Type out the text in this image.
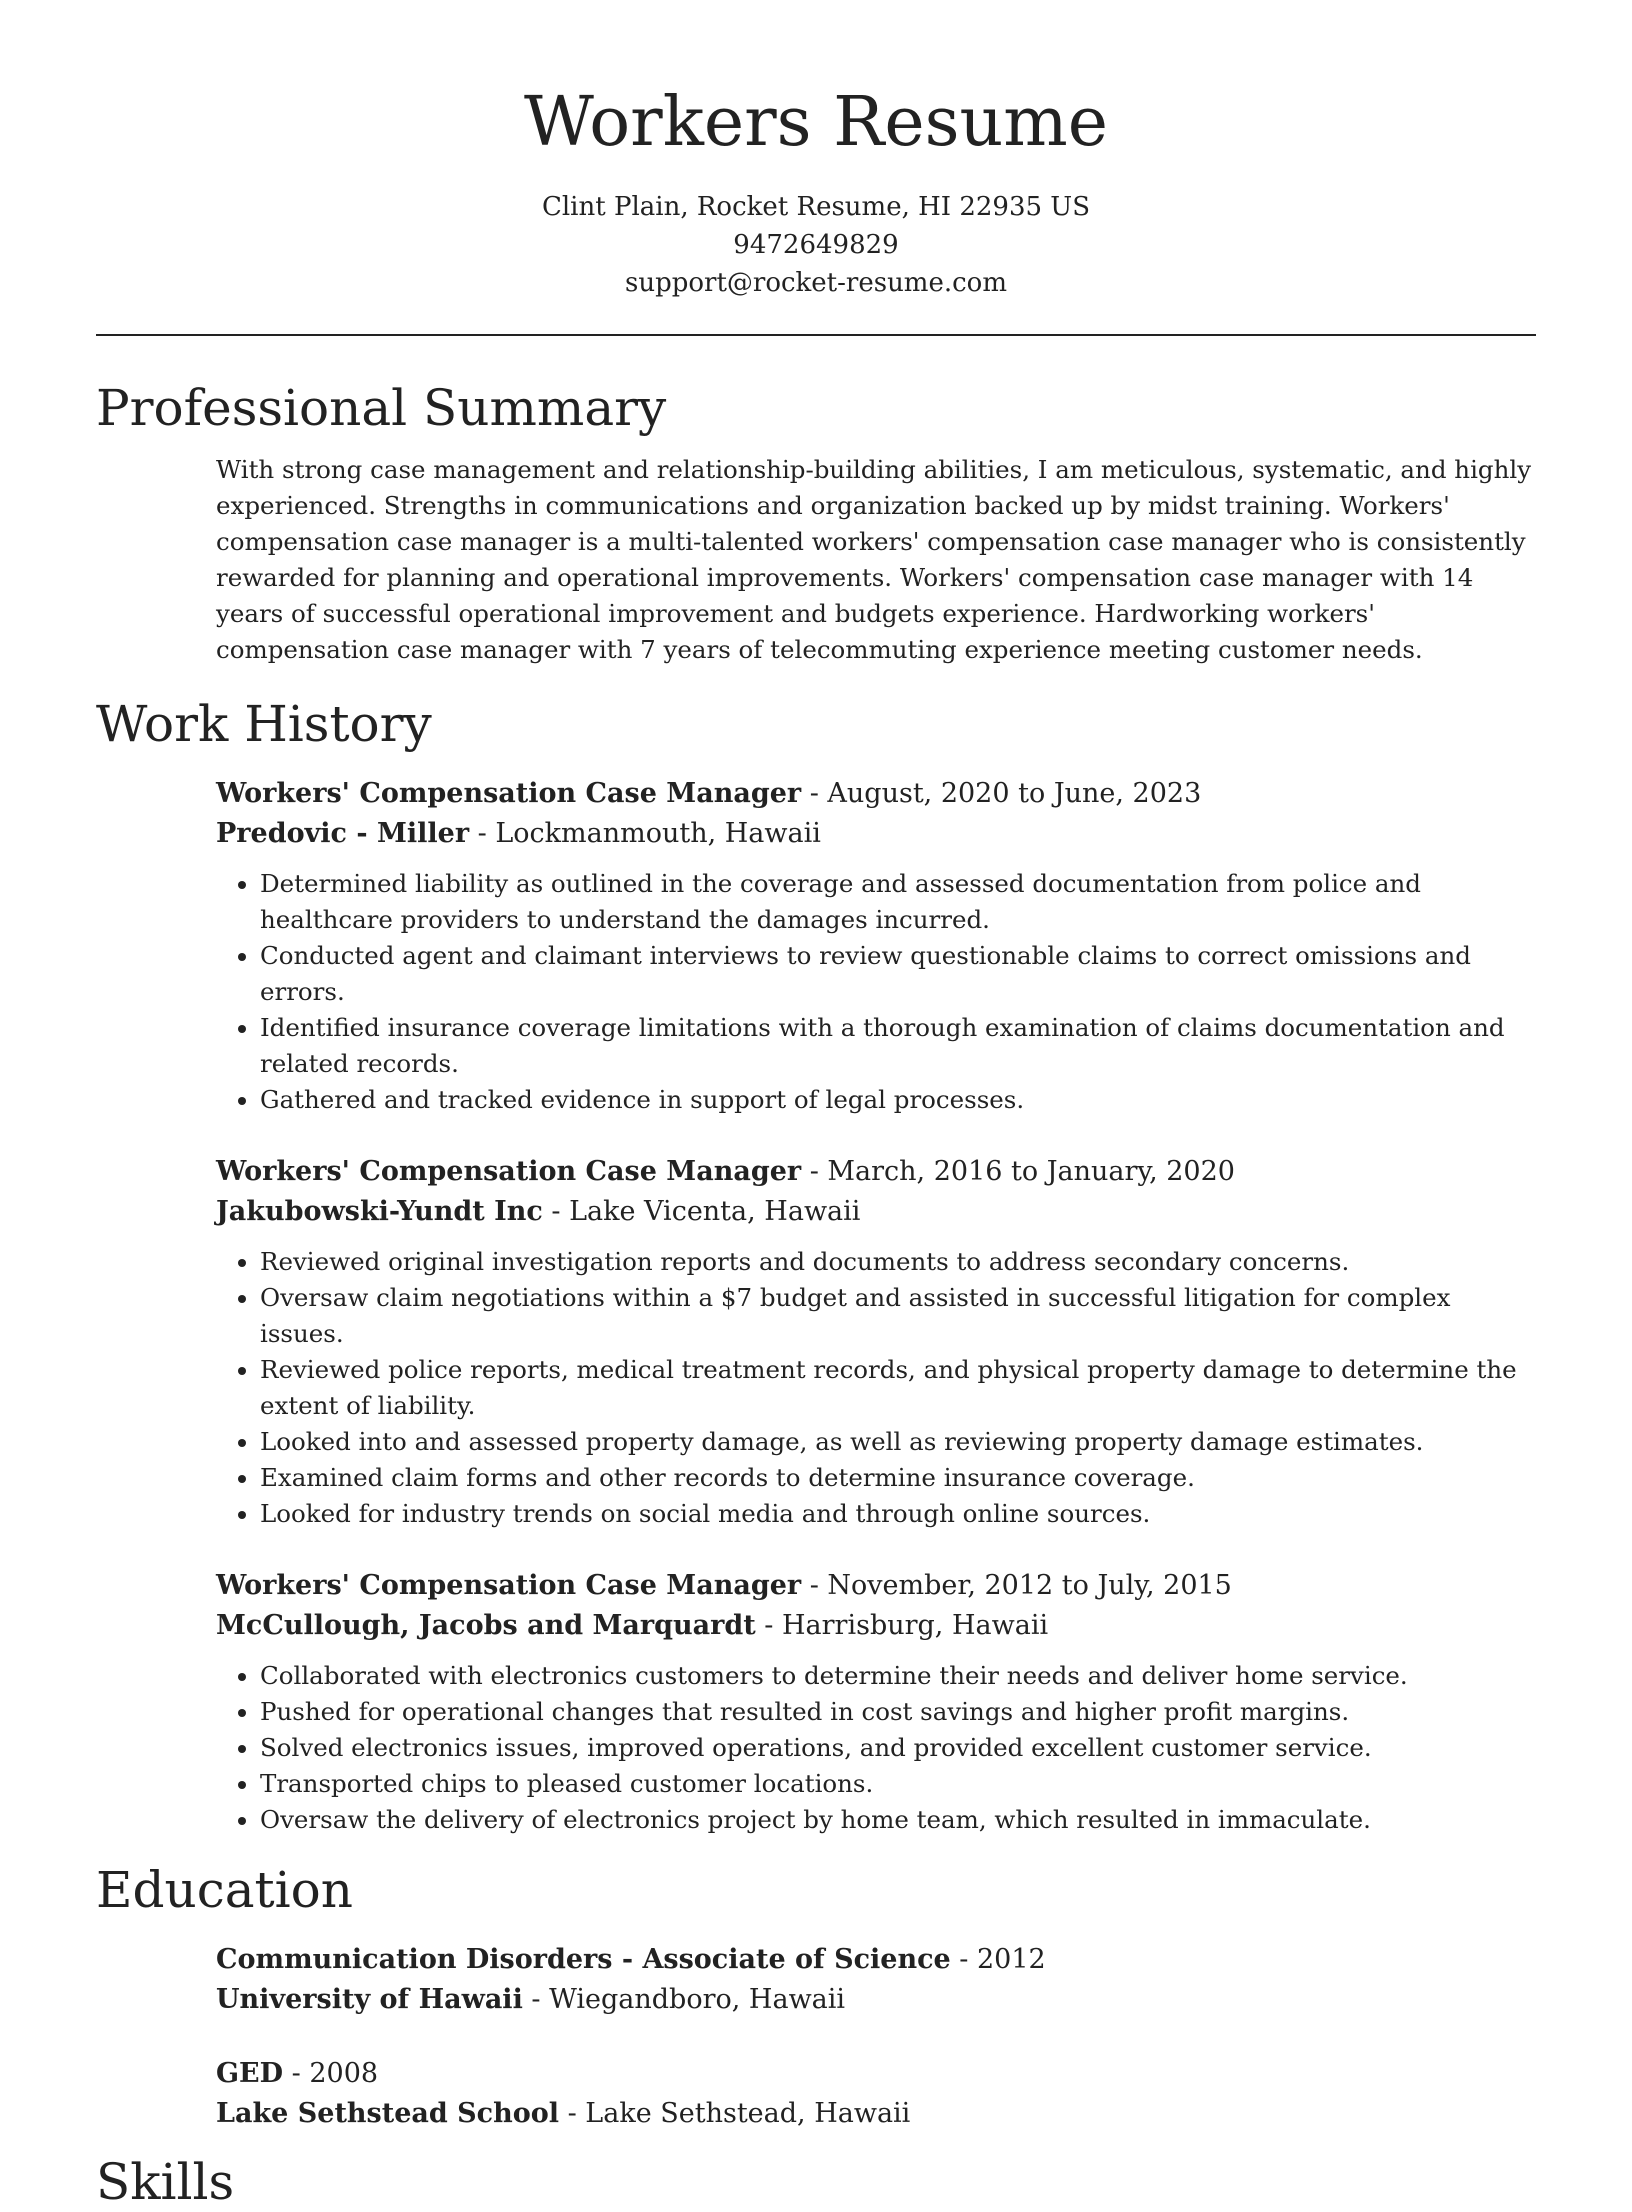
Workers Resume
Clint Plain, Rocket Resume, HI 22935 US
9472649829
support@rocket-resume.com
Professional Summary
With strong case management and relationship-building abilities, I am meticulous, systematic, and highly experienced. Strengths in communications and organization backed up by midst training. Workers' compensation case manager is a multi-talented workers' compensation case manager who is consistently rewarded for planning and operational improvements. Workers' compensation case manager with 14 years of successful operational improvement and budgets experience. Hardworking workers' compensation case manager with 7 years of telecommuting experience meeting customer needs.
Work History
Workers' Compensation Case Manager - August, 2020 to June, 2023
Predovic - Miller - Lockmanmouth, Hawaii
• Determined liability as outlined in the coverage and assessed documentation from police and healthcare providers to understand the damages incurred.
• Conducted agent and claimant interviews to review questionable claims to correct omissions and errors.
• Identified insurance coverage limitations with a thorough examination of claims documentation and related records.
• Gathered and tracked evidence in support of legal processes.
Workers' Compensation Case Manager - March, 2016 to January, 2020
Jakubowski-Yundt Inc - Lake Vicenta, Hawaii
• Reviewed original investigation reports and documents to address secondary concerns.
• Oversaw claim negotiations within a $7 budget and assisted in successful litigation for complex issues.
• Reviewed police reports, medical treatment records, and physical property damage to determine the extent of liability.
• Looked into and assessed property damage, as well as reviewing property damage estimates.
• Examined claim forms and other records to determine insurance coverage.
• Looked for industry trends on social media and through online sources.
Workers' Compensation Case Manager - November, 2012 to July, 2015
McCullough, Jacobs and Marquardt - Harrisburg, Hawaii
• Collaborated with electronics customers to determine their needs and deliver home service.
• Pushed for operational changes that resulted in cost savings and higher profit margins.
• Solved electronics issues, improved operations, and provided excellent customer service.
• Transported chips to pleased customer locations.
• Oversaw the delivery of electronics project by home team, which resulted in immaculate.
Education
Communication Disorders - Associate of Science - 2012
University of Hawaii - Wiegandboro, Hawaii
GED - 2008
Lake Sethstead School - Lake Sethstead, Hawaii
Skills
